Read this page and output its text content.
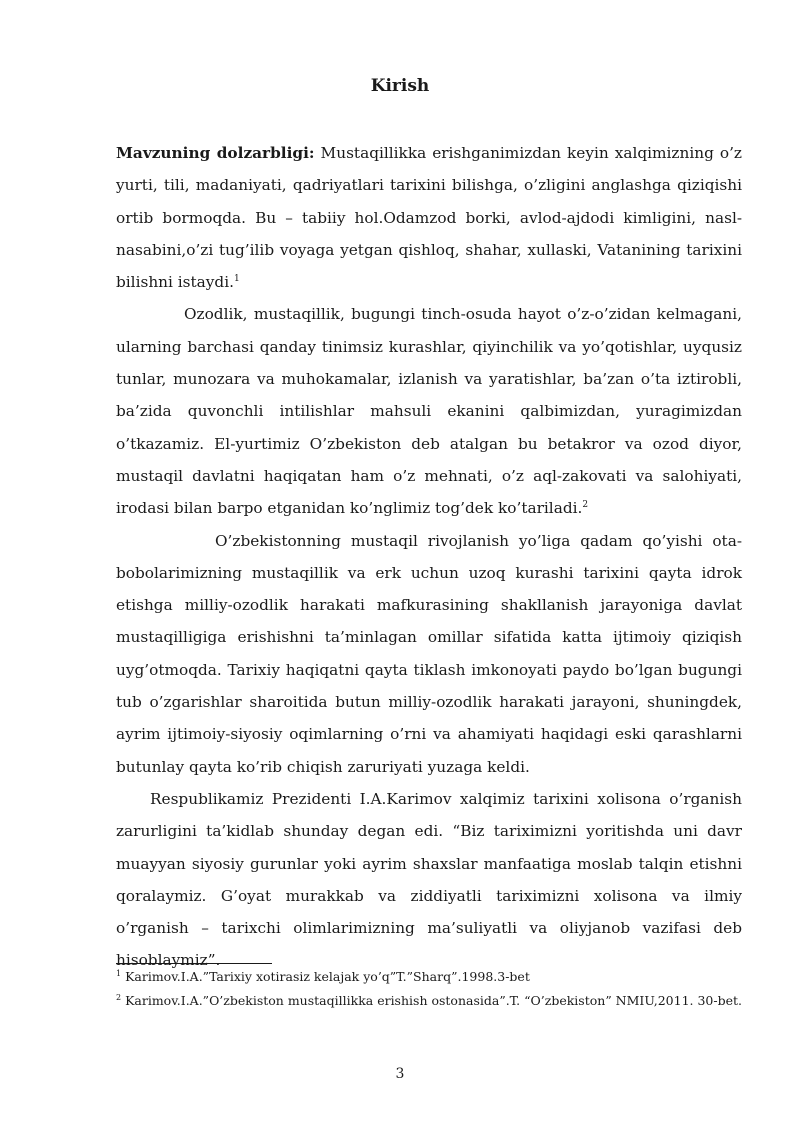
Kirish

Mavzuning dolzarbligi: Mustaqillikka erishganimizdan keyin xalqimizning o’z yurti, tili, madaniyati, qadriyatlari tarixini bilishga, o’zligini anglashga qiziqishi ortib bormoqda. Bu – tabiiy hol.Odamzod borki, avlod-ajdodi kimligini, nasl-nasabini,o’zi tug’ilib voyaga yetgan qishloq, shahar, xullaski, Vatanining tarixini bilishni istaydi.$^1$

Ozodlik, mustaqillik, bugungi tinch-osuda hayot o’z-o’zidan kelmagani, ularning barchasi qanday tinimsiz kurashlar, qiyinchilik va yo’qotishlar, uyqusiz tunlar, munozara va muhokamalar, izlanish va yaratishlar, ba’zan o’ta iztirobli, ba’zida quvonchli intilishlar mahsuli ekanini qalbimizdan, yuragimizdan o’tkazamiz. El-yurtimiz O’zbekiston deb atalgan bu betakror va ozod diyor, mustaqil davlatni haqiqatan ham o’z mehnati, o’z aql-zakovati va salohiyati, irodasi bilan barpo etganidan ko’nglimiz tog’dek ko’tariladi.$^2$

O’zbekistonning mustaqil rivojlanish yo’liga qadam qo’yishi ota-bobolarimizning mustaqillik va erk uchun uzoq kurashi tarixini qayta idrok etishga milliy-ozodlik harakati mafkurasining shakllanish jarayoniga davlat mustaqilligiga erishishni ta’minlagan omillar sifatida katta ijtimoiy qiziqish uyg’otmoqda. Tarixiy haqiqatni qayta tiklash imkonoyati paydo bo’lgan bugungi tub o’zgarishlar sharoitida butun milliy-ozodlik harakati jarayoni, shuningdek, ayrim ijtimoiy-siyosiy oqimlarning o’rni va ahamiyati haqidagi eski qarashlarni butunlay qayta ko’rib chiqish zaruriyati yuzaga keldi.

Respublikamiz Prezidenti I.A.Karimov xalqimiz tarixini xolisona o’rganish zarurligini ta’kidlab shunday degan edi. “Biz tariximizni yoritishda uni davr muayyan siyosiy gurunlar yoki ayrim shaxslar manfaatiga moslab talqin etishni qoralaymiz. G’oyat murakkab va ziddiyatli tariximizni xolisona va ilmiy o’rganish – tarixchi olimlarimizning ma’suliyatli va oliyjanob vazifasi deb hisoblaymiz”.

$^1$ Karimov.I.A.”Tarixiy xotirasiz kelajak yo’q”T.”Sharq”.1998.3-bet

$^2$ Karimov.I.A.”O’zbekiston mustaqillikka erishish ostonasida”.T. “O’zbekiston” NMIU,2011. 30-bet.

3
